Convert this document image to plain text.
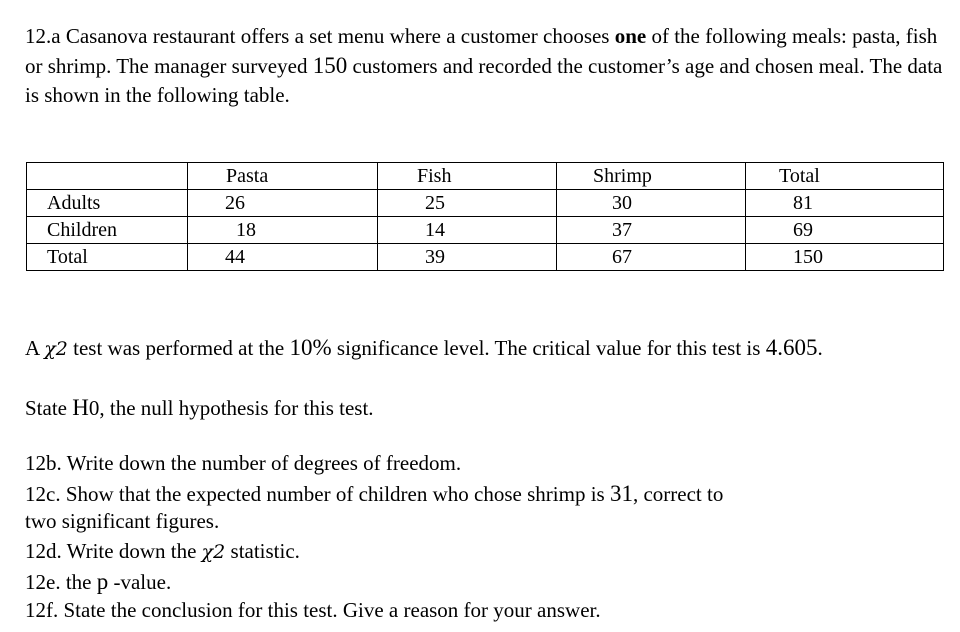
12.a Casanova restaurant offers a set menu where a customer chooses one of the following meals: pasta, fish or shrimp. The manager surveyed 150 customers and recorded the customer’s age and chosen meal. The data is shown in the following table.

	Pasta	Fish	Shrimp	Total
Adults	26	25	30	81
Children	18	14	37	69
Total	44	39	67	150

A χ2 test was performed at the 10% significance level. The critical value for this test is 4.605.

State H0, the null hypothesis for this test.

12b. Write down the number of degrees of freedom.

12c. Show that the expected number of children who chose shrimp is 31, correct to

two significant figures.

12d. Write down the χ2 statistic.

12e. the p -value.

12f. State the conclusion for this test. Give a reason for your answer.
